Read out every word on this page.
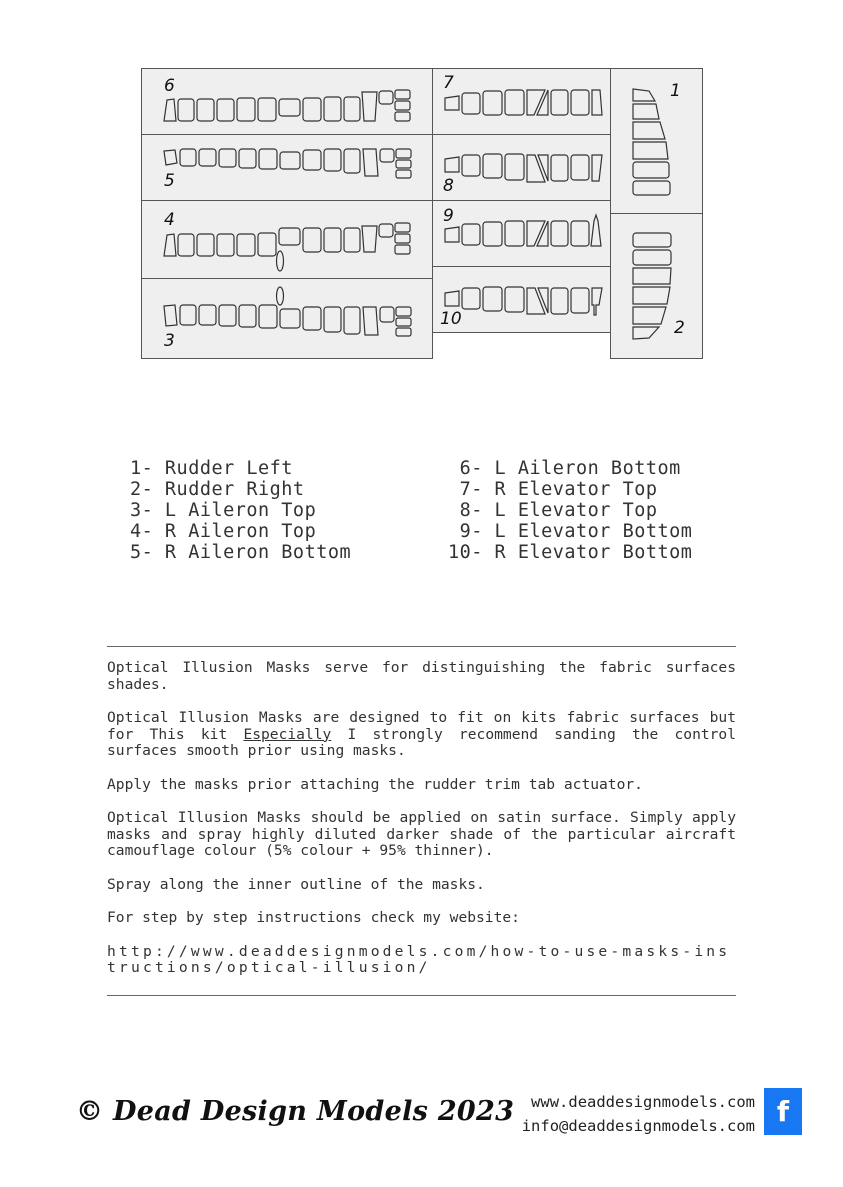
6
5
4
3
7
8
9
10
1
2
1- Rudder Left
2- Rudder Right
3- L Aileron Top
4- R Aileron Top
5- R Aileron Bottom
6- L Aileron Bottom
7- R Elevator Top
8- L Elevator Top
9- L Elevator Bottom
10- R Elevator Bottom

Optical Illusion Masks serve for distinguishing the fabric surfaces shades.

Optical Illusion Masks are designed to fit on kits fabric surfaces but for This kit Especially I strongly recommend sanding the control surfaces smooth prior using masks.

Apply the masks prior attaching the rudder trim tab actuator.

Optical Illusion Masks should be applied on satin surface. Simply apply masks and spray highly diluted darker shade of the particular aircraft camouflage colour (5% colour + 95% thinner).

Spray along the inner outline of the masks.

For step by step instructions check my website:

http://www.deaddesignmodels.com/how-to-use-masks-instructions/optical-illusion/

© Dead Design Models 2023	www.deaddesignmodels.com
info@deaddesignmodels.com f
